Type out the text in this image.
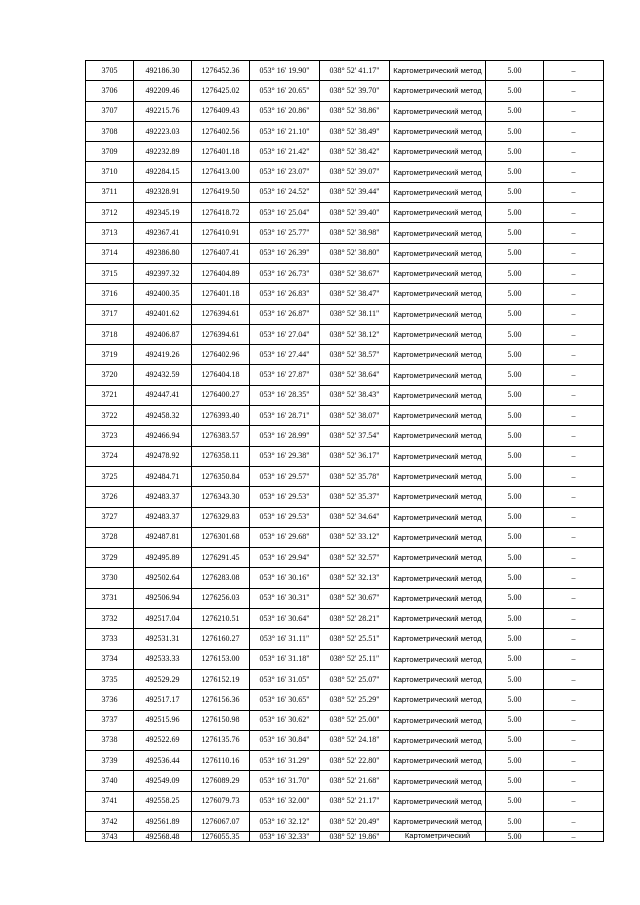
3705	492186.30	1276452.36	053° 16' 19.90"	038° 52' 41.17"	Картометрический метод	5.00	–
3706	492209.46	1276425.02	053° 16' 20.65"	038° 52' 39.70"	Картометрический метод	5.00	–
3707	492215.76	1276409.43	053° 16' 20.86"	038° 52' 38.86"	Картометрический метод	5.00	–
3708	492223.03	1276402.56	053° 16' 21.10"	038° 52' 38.49"	Картометрический метод	5.00	–
3709	492232.89	1276401.18	053° 16' 21.42"	038° 52' 38.42"	Картометрический метод	5.00	–
3710	492284.15	1276413.00	053° 16' 23.07"	038° 52' 39.07"	Картометрический метод	5.00	–
3711	492328.91	1276419.50	053° 16' 24.52"	038° 52' 39.44"	Картометрический метод	5.00	–
3712	492345.19	1276418.72	053° 16' 25.04"	038° 52' 39.40"	Картометрический метод	5.00	–
3713	492367.41	1276410.91	053° 16' 25.77"	038° 52' 38.98"	Картометрический метод	5.00	–
3714	492386.80	1276407.41	053° 16' 26.39"	038° 52' 38.80"	Картометрический метод	5.00	–
3715	492397.32	1276404.89	053° 16' 26.73"	038° 52' 38.67"	Картометрический метод	5.00	–
3716	492400.35	1276401.18	053° 16' 26.83"	038° 52' 38.47"	Картометрический метод	5.00	–
3717	492401.62	1276394.61	053° 16' 26.87"	038° 52' 38.11"	Картометрический метод	5.00	–
3718	492406.87	1276394.61	053° 16' 27.04"	038° 52' 38.12"	Картометрический метод	5.00	–
3719	492419.26	1276402.96	053° 16' 27.44"	038° 52' 38.57"	Картометрический метод	5.00	–
3720	492432.59	1276404.18	053° 16' 27.87"	038° 52' 38.64"	Картометрический метод	5.00	–
3721	492447.41	1276400.27	053° 16' 28.35"	038° 52' 38.43"	Картометрический метод	5.00	–
3722	492458.32	1276393.40	053° 16' 28.71"	038° 52' 38.07"	Картометрический метод	5.00	–
3723	492466.94	1276383.57	053° 16' 28.99"	038° 52' 37.54"	Картометрический метод	5.00	–
3724	492478.92	1276358.11	053° 16' 29.38"	038° 52' 36.17"	Картометрический метод	5.00	–
3725	492484.71	1276350.84	053° 16' 29.57"	038° 52' 35.78"	Картометрический метод	5.00	–
3726	492483.37	1276343.30	053° 16' 29.53"	038° 52' 35.37"	Картометрический метод	5.00	–
3727	492483.37	1276329.83	053° 16' 29.53"	038° 52' 34.64"	Картометрический метод	5.00	–
3728	492487.81	1276301.68	053° 16' 29.68"	038° 52' 33.12"	Картометрический метод	5.00	–
3729	492495.89	1276291.45	053° 16' 29.94"	038° 52' 32.57"	Картометрический метод	5.00	–
3730	492502.64	1276283.08	053° 16' 30.16"	038° 52' 32.13"	Картометрический метод	5.00	–
3731	492506.94	1276256.03	053° 16' 30.31"	038° 52' 30.67"	Картометрический метод	5.00	–
3732	492517.04	1276210.51	053° 16' 30.64"	038° 52' 28.21"	Картометрический метод	5.00	–
3733	492531.31	1276160.27	053° 16' 31.11"	038° 52' 25.51"	Картометрический метод	5.00	–
3734	492533.33	1276153.00	053° 16' 31.18"	038° 52' 25.11"	Картометрический метод	5.00	–
3735	492529.29	1276152.19	053° 16' 31.05"	038° 52' 25.07"	Картометрический метод	5.00	–
3736	492517.17	1276156.36	053° 16' 30.65"	038° 52' 25.29"	Картометрический метод	5.00	–
3737	492515.96	1276150.98	053° 16' 30.62"	038° 52' 25.00"	Картометрический метод	5.00	–
3738	492522.69	1276135.76	053° 16' 30.84"	038° 52' 24.18"	Картометрический метод	5.00	–
3739	492536.44	1276110.16	053° 16' 31.29"	038° 52' 22.80"	Картометрический метод	5.00	–
3740	492549.09	1276089.29	053° 16' 31.70"	038° 52' 21.68"	Картометрический метод	5.00	–
3741	492558.25	1276079.73	053° 16' 32.00"	038° 52' 21.17"	Картометрический метод	5.00	–
3742	492561.89	1276067.07	053° 16' 32.12"	038° 52' 20.49"	Картометрический метод	5.00	–
3743	492568.48	1276055.35	053° 16' 32.33"	038° 52' 19.86"	Картометрический	5.00	–
